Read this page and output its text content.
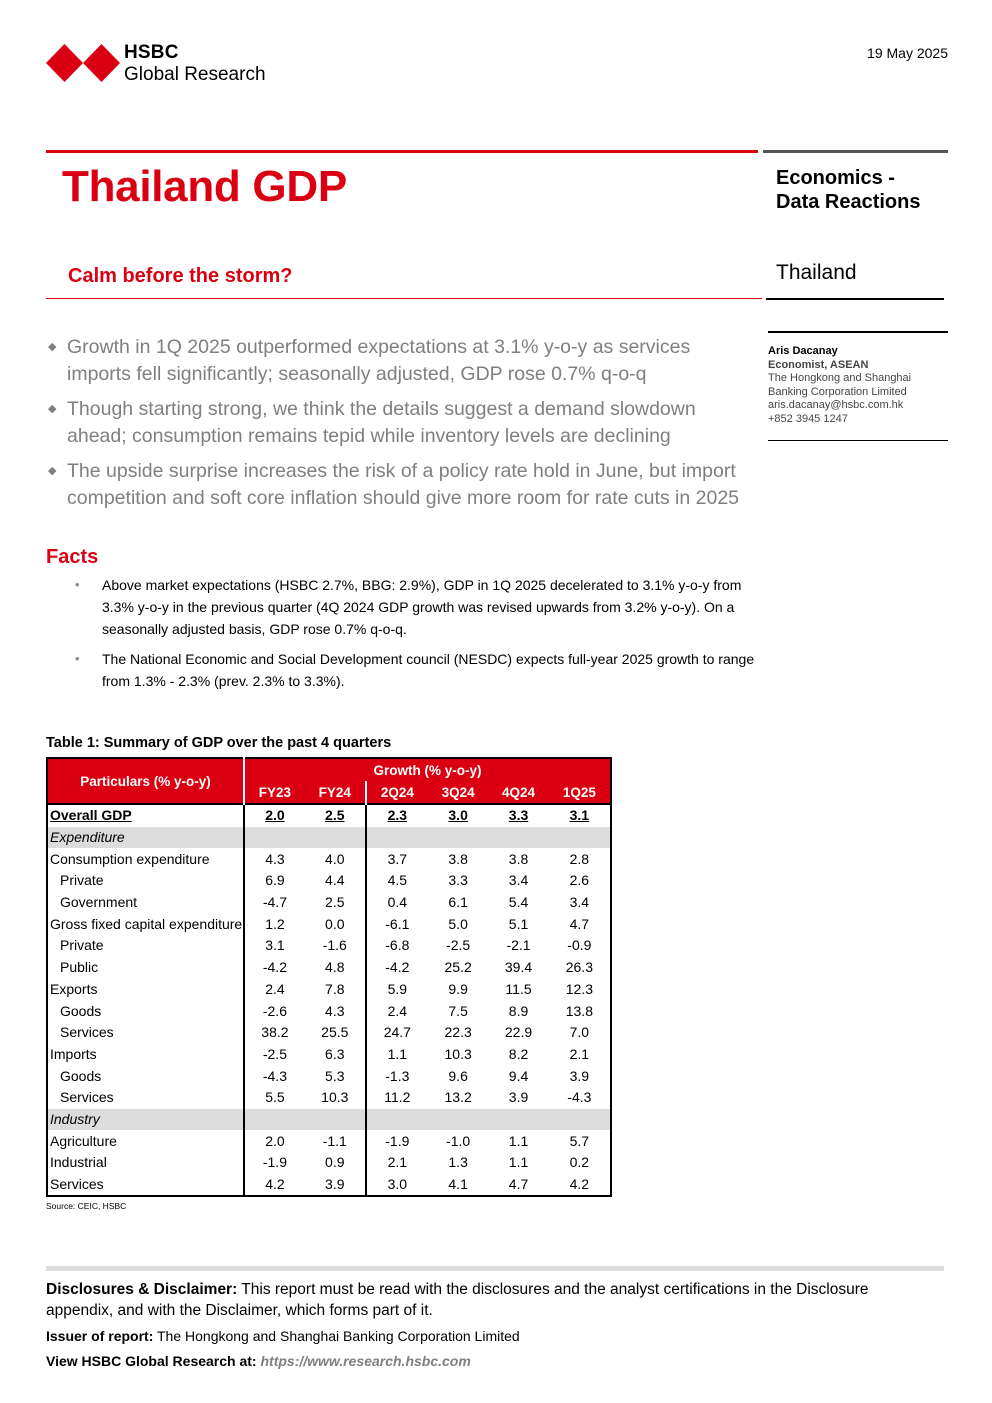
HSBC
Global Research
19 May 2025
Thailand GDP	Economics -
Data Reactions
Calm before the storm?	Thailand
Aris Dacanay
Economist, ASEAN
The Hongkong and Shanghai
Banking Corporation Limited
aris.dacanay@hsbc.com.hk
+852 3945 1247
◆ Growth in 1Q 2025 outperformed expectations at 3.1% y-o-y as services imports fell significantly; seasonally adjusted, GDP rose 0.7% q-o-q
◆ Though starting strong, we think the details suggest a demand slowdown ahead; consumption remains tepid while inventory levels are declining
◆ The upside surprise increases the risk of a policy rate hold in June, but import competition and soft core inflation should give more room for rate cuts in 2025
Facts
• Above market expectations (HSBC 2.7%, BBG: 2.9%), GDP in 1Q 2025 decelerated to 3.1% y-o-y from 3.3% y-o-y in the previous quarter (4Q 2024 GDP growth was revised upwards from 3.2% y-o-y). On a seasonally adjusted basis, GDP rose 0.7% q-o-q.
• The National Economic and Social Development council (NESDC) expects full-year 2025 growth to range from 1.3% - 2.3% (prev. 2.3% to 3.3%).
Table 1: Summary of GDP over the past 4 quarters
Particulars (% y-o-y)	Growth (% y-o-y)					
	FY23	FY24	2Q24	3Q24	4Q24	1Q25
Overall GDP	2.0	2.5	2.3	3.0	3.3	3.1
Expenditure						
Consumption expenditure	4.3	4.0	3.7	3.8	3.8	2.8
Private	6.9	4.4	4.5	3.3	3.4	2.6
Government	-4.7	2.5	0.4	6.1	5.4	3.4
Gross fixed capital expenditure	1.2	0.0	-6.1	5.0	5.1	4.7
Private	3.1	-1.6	-6.8	-2.5	-2.1	-0.9
Public	-4.2	4.8	-4.2	25.2	39.4	26.3
Exports	2.4	7.8	5.9	9.9	11.5	12.3
Goods	-2.6	4.3	2.4	7.5	8.9	13.8
Services	38.2	25.5	24.7	22.3	22.9	7.0
Imports	-2.5	6.3	1.1	10.3	8.2	2.1
Goods	-4.3	5.3	-1.3	9.6	9.4	3.9
Services	5.5	10.3	11.2	13.2	3.9	-4.3
Industry						
Agriculture	2.0	-1.1	-1.9	-1.0	1.1	5.7
Industrial	-1.9	0.9	2.1	1.3	1.1	0.2
Services	4.2	3.9	3.0	4.1	4.7	4.2
Source: CEIC, HSBC
Disclosures & Disclaimer: This report must be read with the disclosures and the analyst certifications in the Disclosure appendix, and with the Disclaimer, which forms part of it.
Issuer of report: The Hongkong and Shanghai Banking Corporation Limited
View HSBC Global Research at: https://www.research.hsbc.com
